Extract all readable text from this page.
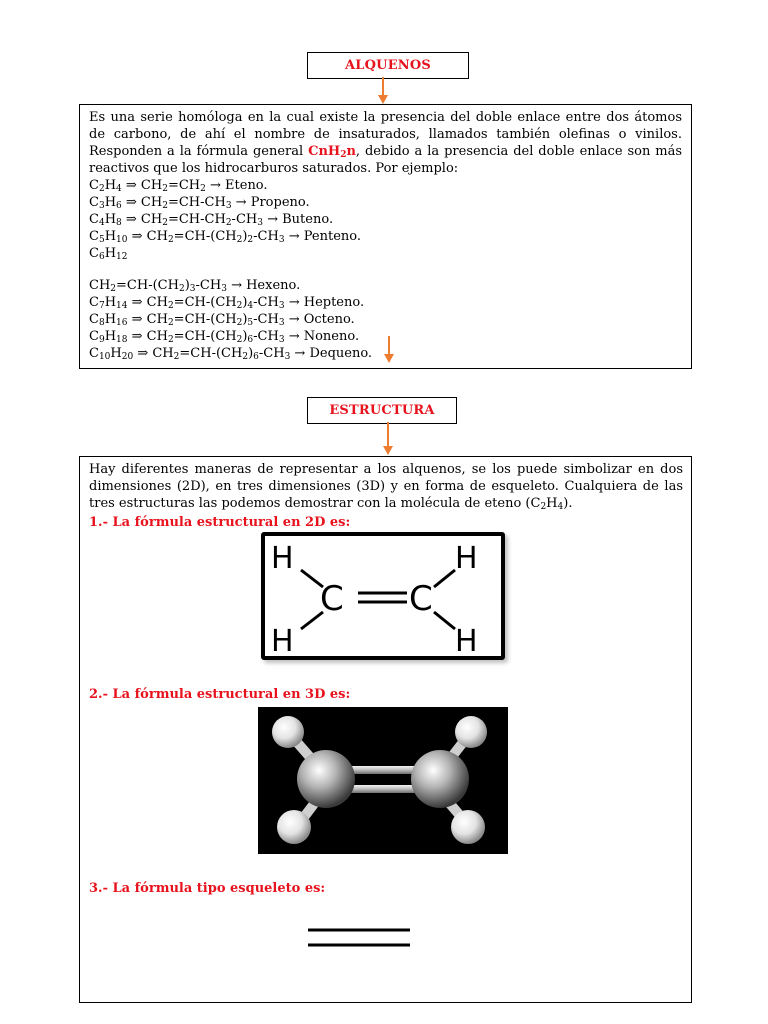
ALQUENOS
Es una serie homóloga en la cual existe la presencia del doble enlace entre dos átomos de carbono, de ahí el nombre de insaturados, llamados también olefinas o vinilos. Responden a la fórmula general CnH$_2$n, debido a la presencia del doble enlace son más reactivos que los hidrocarburos saturados. Por ejemplo:
$C_2H_4$ ⇒ $CH_2=CH_2$ → Eteno.
$C_3H_6$ ⇒ $CH_2=CH-CH_3$ → Propeno.
$C_4H_8$ ⇒ $CH_2=CH-CH_2-CH_3$ → Buteno.
$C_5H_{10}$ ⇒ $CH_2=CH-(CH_2)_2-CH_3$ → Penteno.
$C_6H_{12}$
$CH_2=CH-(CH_2)_3-CH_3$ → Hexeno.
$C_7H_{14}$ ⇒ $CH_2=CH-(CH_2)_4-CH_3$ → Hepteno.
$C_8H_{16}$ ⇒ $CH_2=CH-(CH_2)_5-CH_3$ → Octeno.
$C_9H_{18}$ ⇒ $CH_2=CH-(CH_2)_6-CH_3$ → Noneno.
$C_{10}H_{20}$ ⇒ $CH_2=CH-(CH_2)_6-CH_3$ → Dequeno.
ESTRUCTURA
Hay diferentes maneras de representar a los alquenos, se los puede simbolizar en dos dimensiones (2D), en tres dimensiones (3D) y en forma de esqueleto. Cualquiera de las tres estructuras las podemos demostrar con la molécula de eteno $(C_2H_4)$.
1.- La fórmula estructural en 2D es:
H	H
H	H
C C
2.- La fórmula estructural en 3D es:
3.- La fórmula tipo esqueleto es:
